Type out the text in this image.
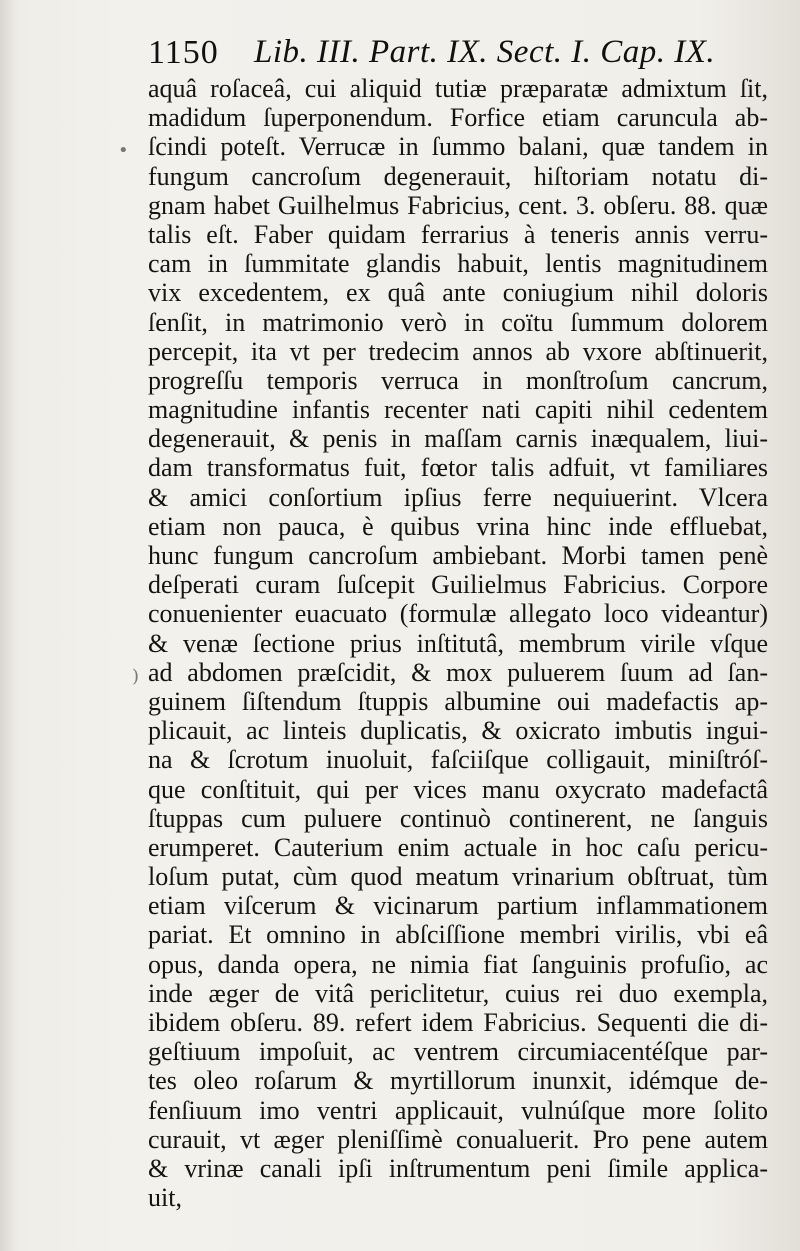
1150 Lib. III. Part. IX. Sect. I. Cap. IX.
•
)
aquâ roſaceâ, cui aliquid tutiæ præparatæ admixtum ſit,
madidum ſuperponendum. Forfice etiam caruncula ab-
ſcindi poteſt. Verrucæ in ſummo balani, quæ tandem in
fungum cancroſum degenerauit, hiſtoriam notatu di-
gnam habet Guilhelmus Fabricius, cent. 3. obſeru. 88. quæ
talis eſt. Faber quidam ferrarius à teneris annis verru-
cam in ſummitate glandis habuit, lentis magnitudinem
vix excedentem, ex quâ ante coniugium nihil doloris
ſenſit, in matrimonio verò in coïtu ſummum dolorem
percepit, ita vt per tredecim annos ab vxore abſtinuerit,
progreſſu temporis verruca in monſtroſum cancrum,
magnitudine infantis recenter nati capiti nihil cedentem
degenerauit, & penis in maſſam carnis inæqualem, liui-
dam transformatus fuit, fœtor talis adfuit, vt familiares
& amici conſortium ipſius ferre nequiuerint. Vlcera
etiam non pauca, è quibus vrina hinc inde effluebat,
hunc fungum cancroſum ambiebant. Morbi tamen penè
deſperati curam ſuſcepit Guilielmus Fabricius. Corpore
conuenienter euacuato (formulæ allegato loco videantur)
& venæ ſectione prius inſtitutâ, membrum virile vſque
ad abdomen præſcidit, & mox puluerem ſuum ad ſan-
guinem ſiſtendum ſtuppis albumine oui madefactis ap-
plicauit, ac linteis duplicatis, & oxicrato imbutis ingui-
na & ſcrotum inuoluit, faſciiſque colligauit, miniſtróſ-
que conſtituit, qui per vices manu oxycrato madefactâ
ſtuppas cum puluere continuò continerent, ne ſanguis
erumperet. Cauterium enim actuale in hoc caſu pericu-
loſum putat, cùm quod meatum vrinarium obſtruat, tùm
etiam viſcerum & vicinarum partium inflammationem
pariat. Et omnino in abſciſſione membri virilis, vbi eâ
opus, danda opera, ne nimia fiat ſanguinis profuſio, ac
inde æger de vitâ periclitetur, cuius rei duo exempla,
ibidem obſeru. 89. refert idem Fabricius. Sequenti die di-
geſtiuum impoſuit, ac ventrem circumiacentéſque par-
tes oleo roſarum & myrtillorum inunxit, idémque de-
fenſiuum imo ventri applicauit, vulnúſque more ſolito
curauit, vt æger pleniſſimè conualuerit. Pro pene autem
& vrinæ canali ipſi inſtrumentum peni ſimile applica-
uit,
